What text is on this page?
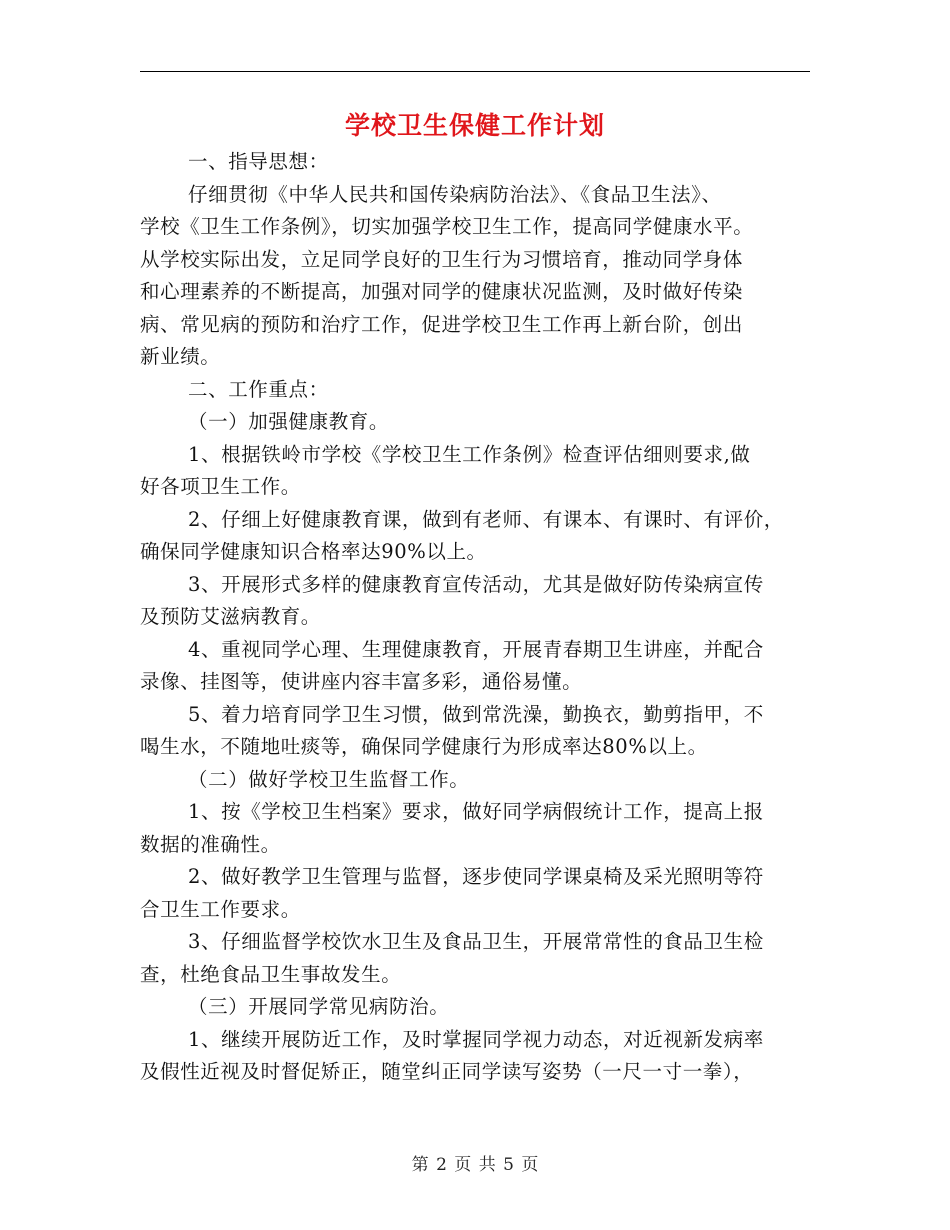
学校卫生保健工作计划
一、指导思想：
仔细贯彻《中华人民共和国传染病防治法》、《食品卫生法》、
学校《卫生工作条例》，切实加强学校卫生工作，提高同学健康水平。
从学校实际出发，立足同学良好的卫生行为习惯培育，推动同学身体
和心理素养的不断提高，加强对同学的健康状况监测，及时做好传染
病、常见病的预防和治疗工作，促进学校卫生工作再上新台阶，创出
新业绩。
二、工作重点：
（一）加强健康教育。
1、根据铁岭市学校《学校卫生工作条例》检查评估细则要求,做
好各项卫生工作。
2、仔细上好健康教育课，做到有老师、有课本、有课时、有评价，
确保同学健康知识合格率达90%以上。
3、开展形式多样的健康教育宣传活动，尤其是做好防传染病宣传
及预防艾滋病教育。
4、重视同学心理、生理健康教育，开展青春期卫生讲座，并配合
录像、挂图等，使讲座内容丰富多彩，通俗易懂。
5、着力培育同学卫生习惯，做到常洗澡，勤换衣，勤剪指甲，不
喝生水，不随地吐痰等，确保同学健康行为形成率达80%以上。
（二）做好学校卫生监督工作。
1、按《学校卫生档案》要求，做好同学病假统计工作，提高上报
数据的准确性。
2、做好教学卫生管理与监督，逐步使同学课桌椅及采光照明等符
合卫生工作要求。
3、仔细监督学校饮水卫生及食品卫生，开展常常性的食品卫生检
查，杜绝食品卫生事故发生。
（三）开展同学常见病防治。
1、继续开展防近工作，及时掌握同学视力动态，对近视新发病率
及假性近视及时督促矫正，随堂纠正同学读写姿势（一尺一寸一拳），
第 2 页 共 5 页
